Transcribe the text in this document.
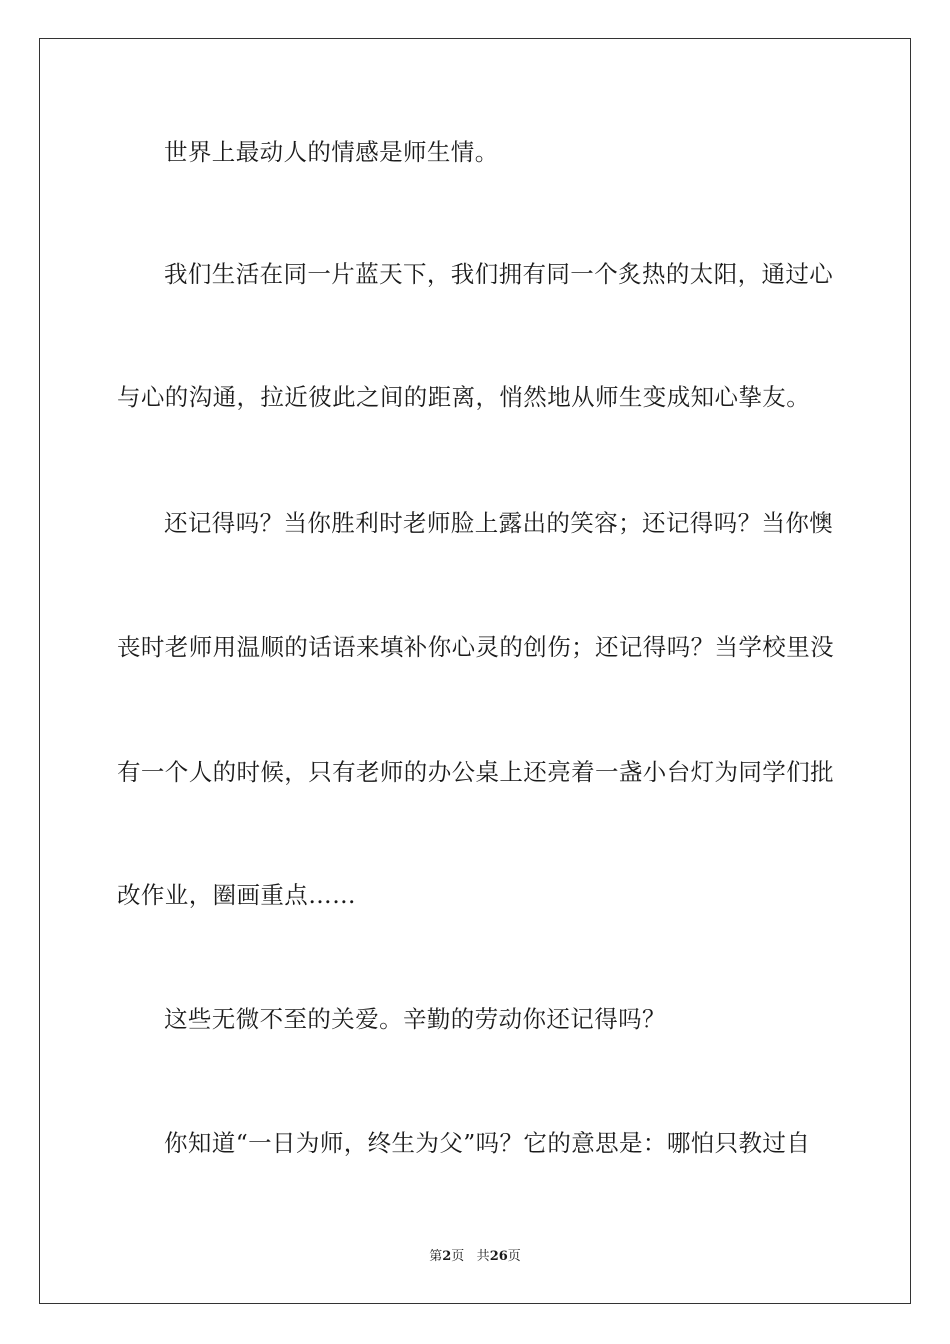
世界上最动人的情感是师生情。
我们生活在同一片蓝天下，我们拥有同一个炙热的太阳，通过心
与心的沟通，拉近彼此之间的距离，悄然地从师生变成知心挚友。
还记得吗？当你胜利时老师脸上露出的笑容；还记得吗？当你懊
丧时老师用温顺的话语来填补你心灵的创伤；还记得吗？当学校里没
有一个人的时候，只有老师的办公桌上还亮着一盏小台灯为同学们批
改作业，圈画重点……
这些无微不至的关爱。辛勤的劳动你还记得吗？
你知道“一日为师，终生为父”吗？它的意思是：哪怕只教过自
第2页 共26页
